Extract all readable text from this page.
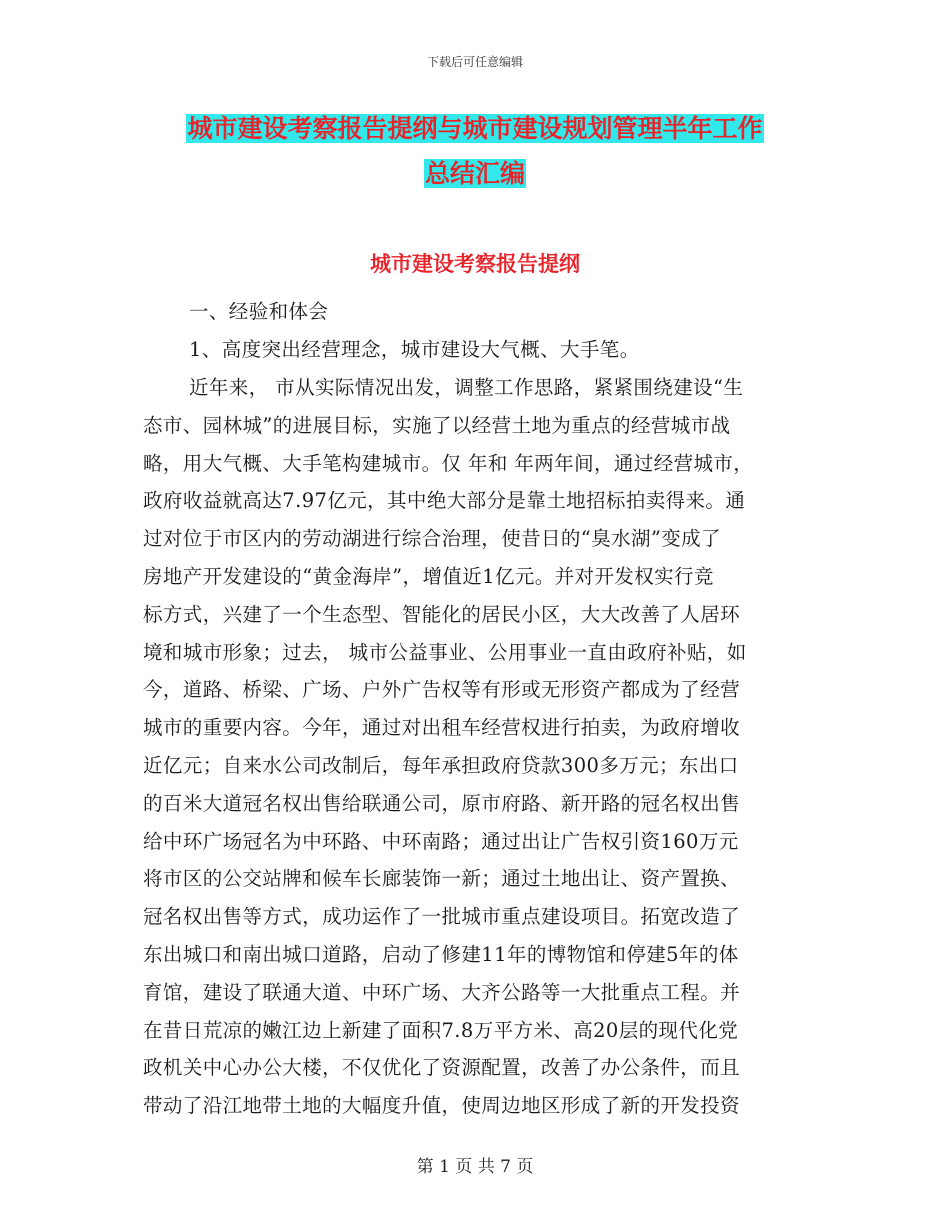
下载后可任意编辑
城市建设考察报告提纲与城市建设规划管理半年工作
总结汇编
城市建设考察报告提纲
一、经验和体会
1、高度突出经营理念，城市建设大气概、大手笔。
近年来， 市从实际情况出发，调整工作思路，紧紧围绕建设“生
态市、园林城”的进展目标，实施了以经营土地为重点的经营城市战
略，用大气概、大手笔构建城市。仅 年和 年两年间，通过经营城市，
政府收益就高达7.97亿元，其中绝大部分是靠土地招标拍卖得来。通
过对位于市区内的劳动湖进行综合治理，使昔日的“臭水湖”变成了
房地产开发建设的“黄金海岸”，增值近1亿元。并对开发权实行竞
标方式，兴建了一个生态型、智能化的居民小区，大大改善了人居环
境和城市形象；过去， 城市公益事业、公用事业一直由政府补贴，如
今，道路、桥梁、广场、户外广告权等有形或无形资产都成为了经营
城市的重要内容。今年，通过对出租车经营权进行拍卖，为政府增收
近亿元；自来水公司改制后，每年承担政府贷款300多万元；东出口
的百米大道冠名权出售给联通公司，原市府路、新开路的冠名权出售
给中环广场冠名为中环路、中环南路；通过出让广告权引资160万元
将市区的公交站牌和候车长廊装饰一新；通过土地出让、资产置换、
冠名权出售等方式，成功运作了一批城市重点建设项目。拓宽改造了
东出城口和南出城口道路，启动了修建11年的博物馆和停建5年的体
育馆，建设了联通大道、中环广场、大齐公路等一大批重点工程。并
在昔日荒凉的嫩江边上新建了面积7.8万平方米、高20层的现代化党
政机关中心办公大楼，不仅优化了资源配置，改善了办公条件，而且
带动了沿江地带土地的大幅度升值，使周边地区形成了新的开发投资
第 1 页 共 7 页
